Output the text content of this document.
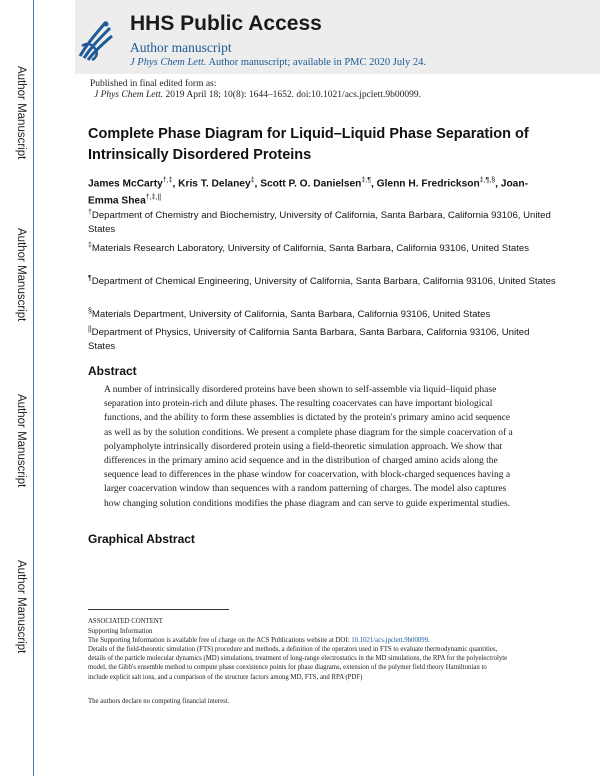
Author Manuscript
Author Manuscript
Author Manuscript
Author Manuscript
HHS Public Access
Author manuscript
J Phys Chem Lett. Author manuscript; available in PMC 2020 July 24.
Published in final edited form as:
J Phys Chem Lett. 2019 April 18; 10(8): 1644–1652. doi:10.1021/acs.jpclett.9b00099.
Complete Phase Diagram for Liquid–Liquid Phase Separation of Intrinsically Disordered Proteins
James McCarty†,‡, Kris T. Delaney‡, Scott P. O. Danielsen‡,¶, Glenn H. Fredrickson‡,¶,§, Joan-Emma Shea†,‡,||
†Department of Chemistry and Biochemistry, University of California, Santa Barbara, California 93106, United States
‡Materials Research Laboratory, University of California, Santa Barbara, California 93106, United States
¶Department of Chemical Engineering, University of California, Santa Barbara, California 93106, United States
§Materials Department, University of California, Santa Barbara, California 93106, United States
||Department of Physics, University of California Santa Barbara, Santa Barbara, California 93106, United States
Abstract
A number of intrinsically disordered proteins have been shown to self-assemble via liquid–liquid phase separation into protein-rich and dilute phases. The resulting coacervates can have important biological functions, and the ability to form these assemblies is dictated by the protein's primary amino acid sequence as well as by the solution conditions. We present a complete phase diagram for the simple coacervation of a polyampholyte intrinsically disordered protein using a field-theoretic simulation approach. We show that differences in the primary amino acid sequence and in the distribution of charged amino acids along the sequence lead to differences in the phase window for coacervation, with block-charged sequences having a larger coacervation window than sequences with a random patterning of charges. The model also captures how changing solution conditions modifies the phase diagram and can serve to guide experimental studies.
Graphical Abstract
ASSOCIATED CONTENT
Supporting Information
The Supporting Information is available free of charge on the ACS Publications website at DOI: 10.1021/acs.jpclett.9b00099.
Details of the field-theoretic simulation (FTS) procedure and methods, a definition of the operators used in FTS to evaluate thermodynamic quantities, details of the particle molecular dynamics (MD) simulations, treatment of long-range electrostatics in the MD simulations, the RPA for the polyelectrolyte model, the Gibb's ensemble method to compute phase coexistence points for phase diagrams, extension of the polymer field theory Hamiltonian to include explicit salt ions, and a comparison of the structure factors among MD, FTS, and RPA (PDF)
The authors declare no competing financial interest.
